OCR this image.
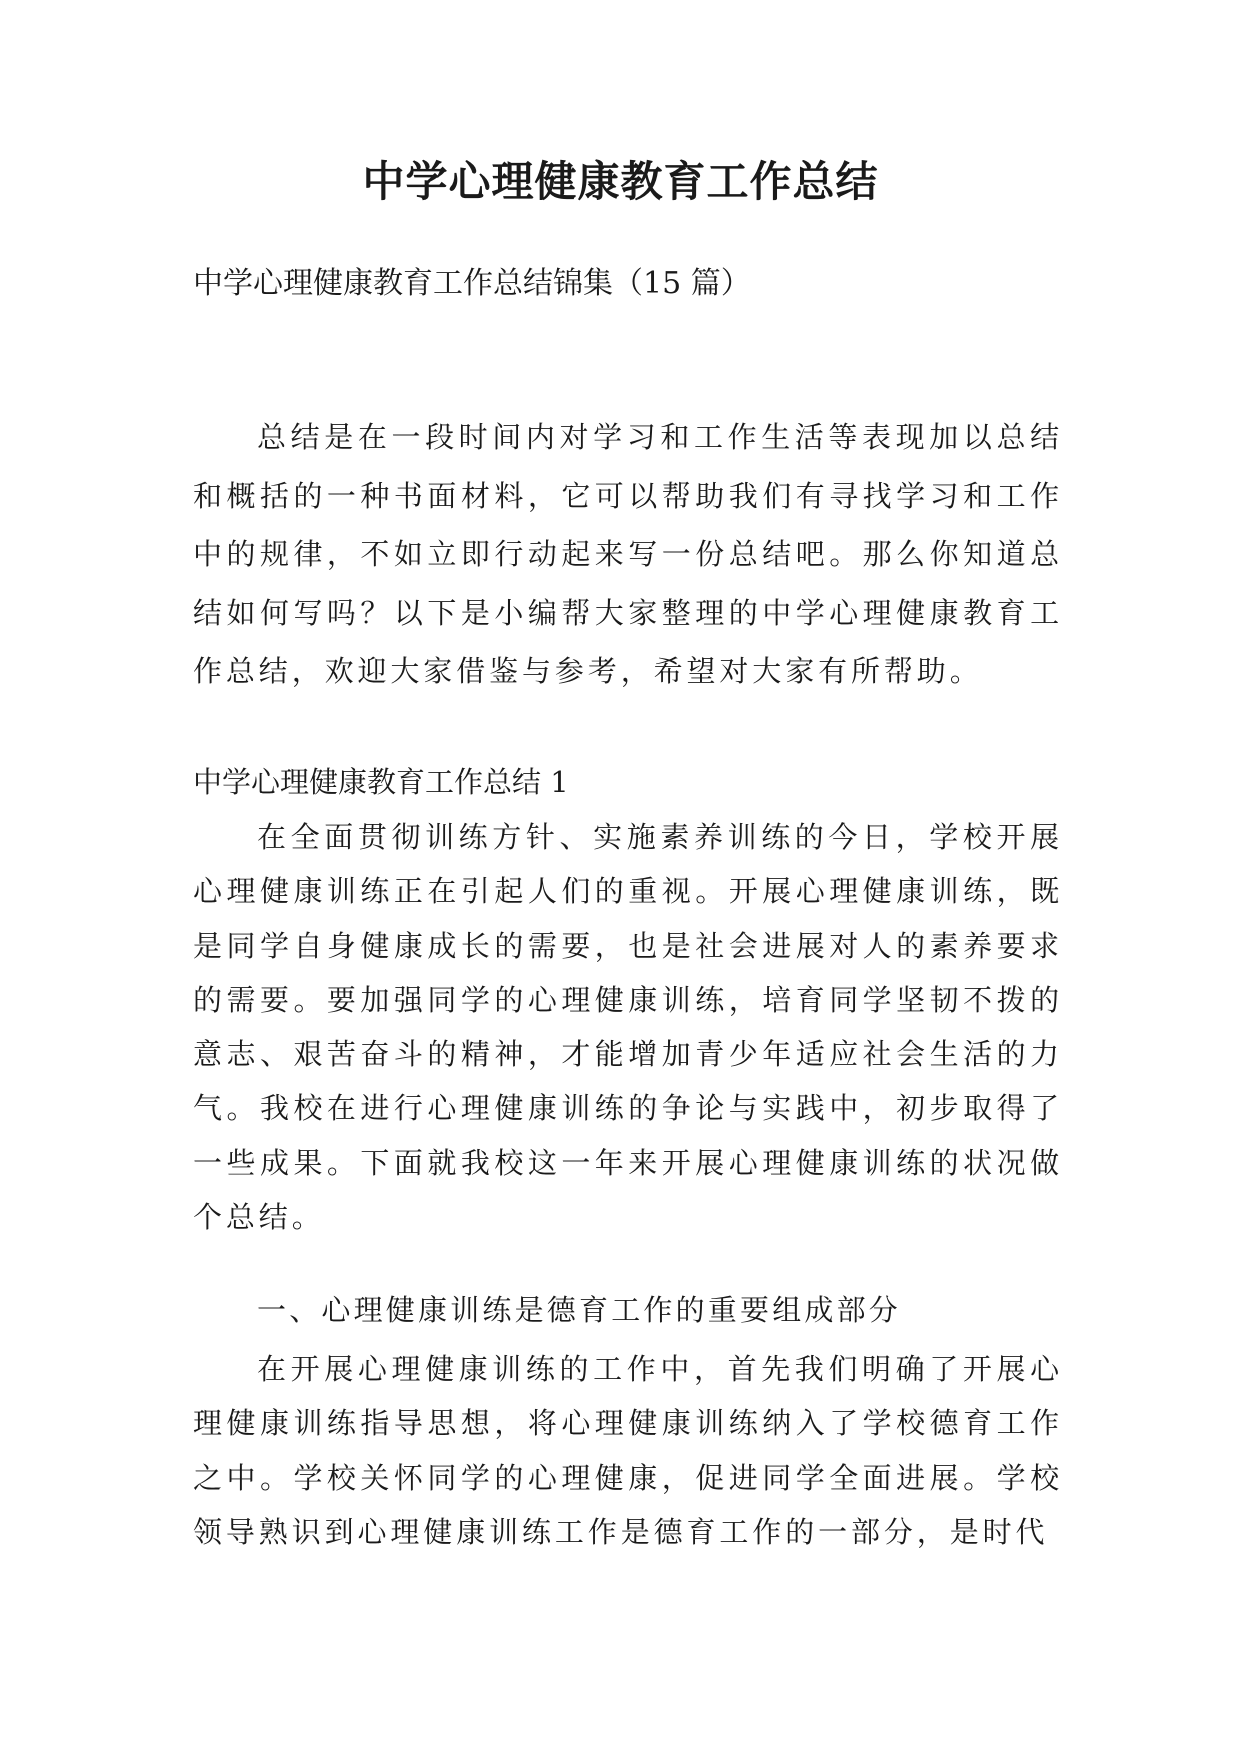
中学心理健康教育工作总结

中学心理健康教育工作总结锦集（15 篇）

总结是在一段时间内对学习和工作生活等表现加以总结和概括的一种书面材料，它可以帮助我们有寻找学习和工作中的规律，不如立即行动起来写一份总结吧。那么你知道总结如何写吗？以下是小编帮大家整理的中学心理健康教育工作总结，欢迎大家借鉴与参考，希望对大家有所帮助。

中学心理健康教育工作总结 1

在全面贯彻训练方针、实施素养训练的今日，学校开展心理健康训练正在引起人们的重视。开展心理健康训练，既是同学自身健康成长的需要，也是社会进展对人的素养要求的需要。要加强同学的心理健康训练，培育同学坚韧不拨的意志、艰苦奋斗的精神，才能增加青少年适应社会生活的力气。我校在进行心理健康训练的争论与实践中，初步取得了一些成果。下面就我校这一年来开展心理健康训练的状况做个总结。

一、心理健康训练是德育工作的重要组成部分

在开展心理健康训练的工作中，首先我们明确了开展心理健康训练指导思想，将心理健康训练纳入了学校德育工作之中。学校关怀同学的心理健康，促进同学全面进展。学校领导熟识到心理健康训练工作是德育工作的一部分，是时代
